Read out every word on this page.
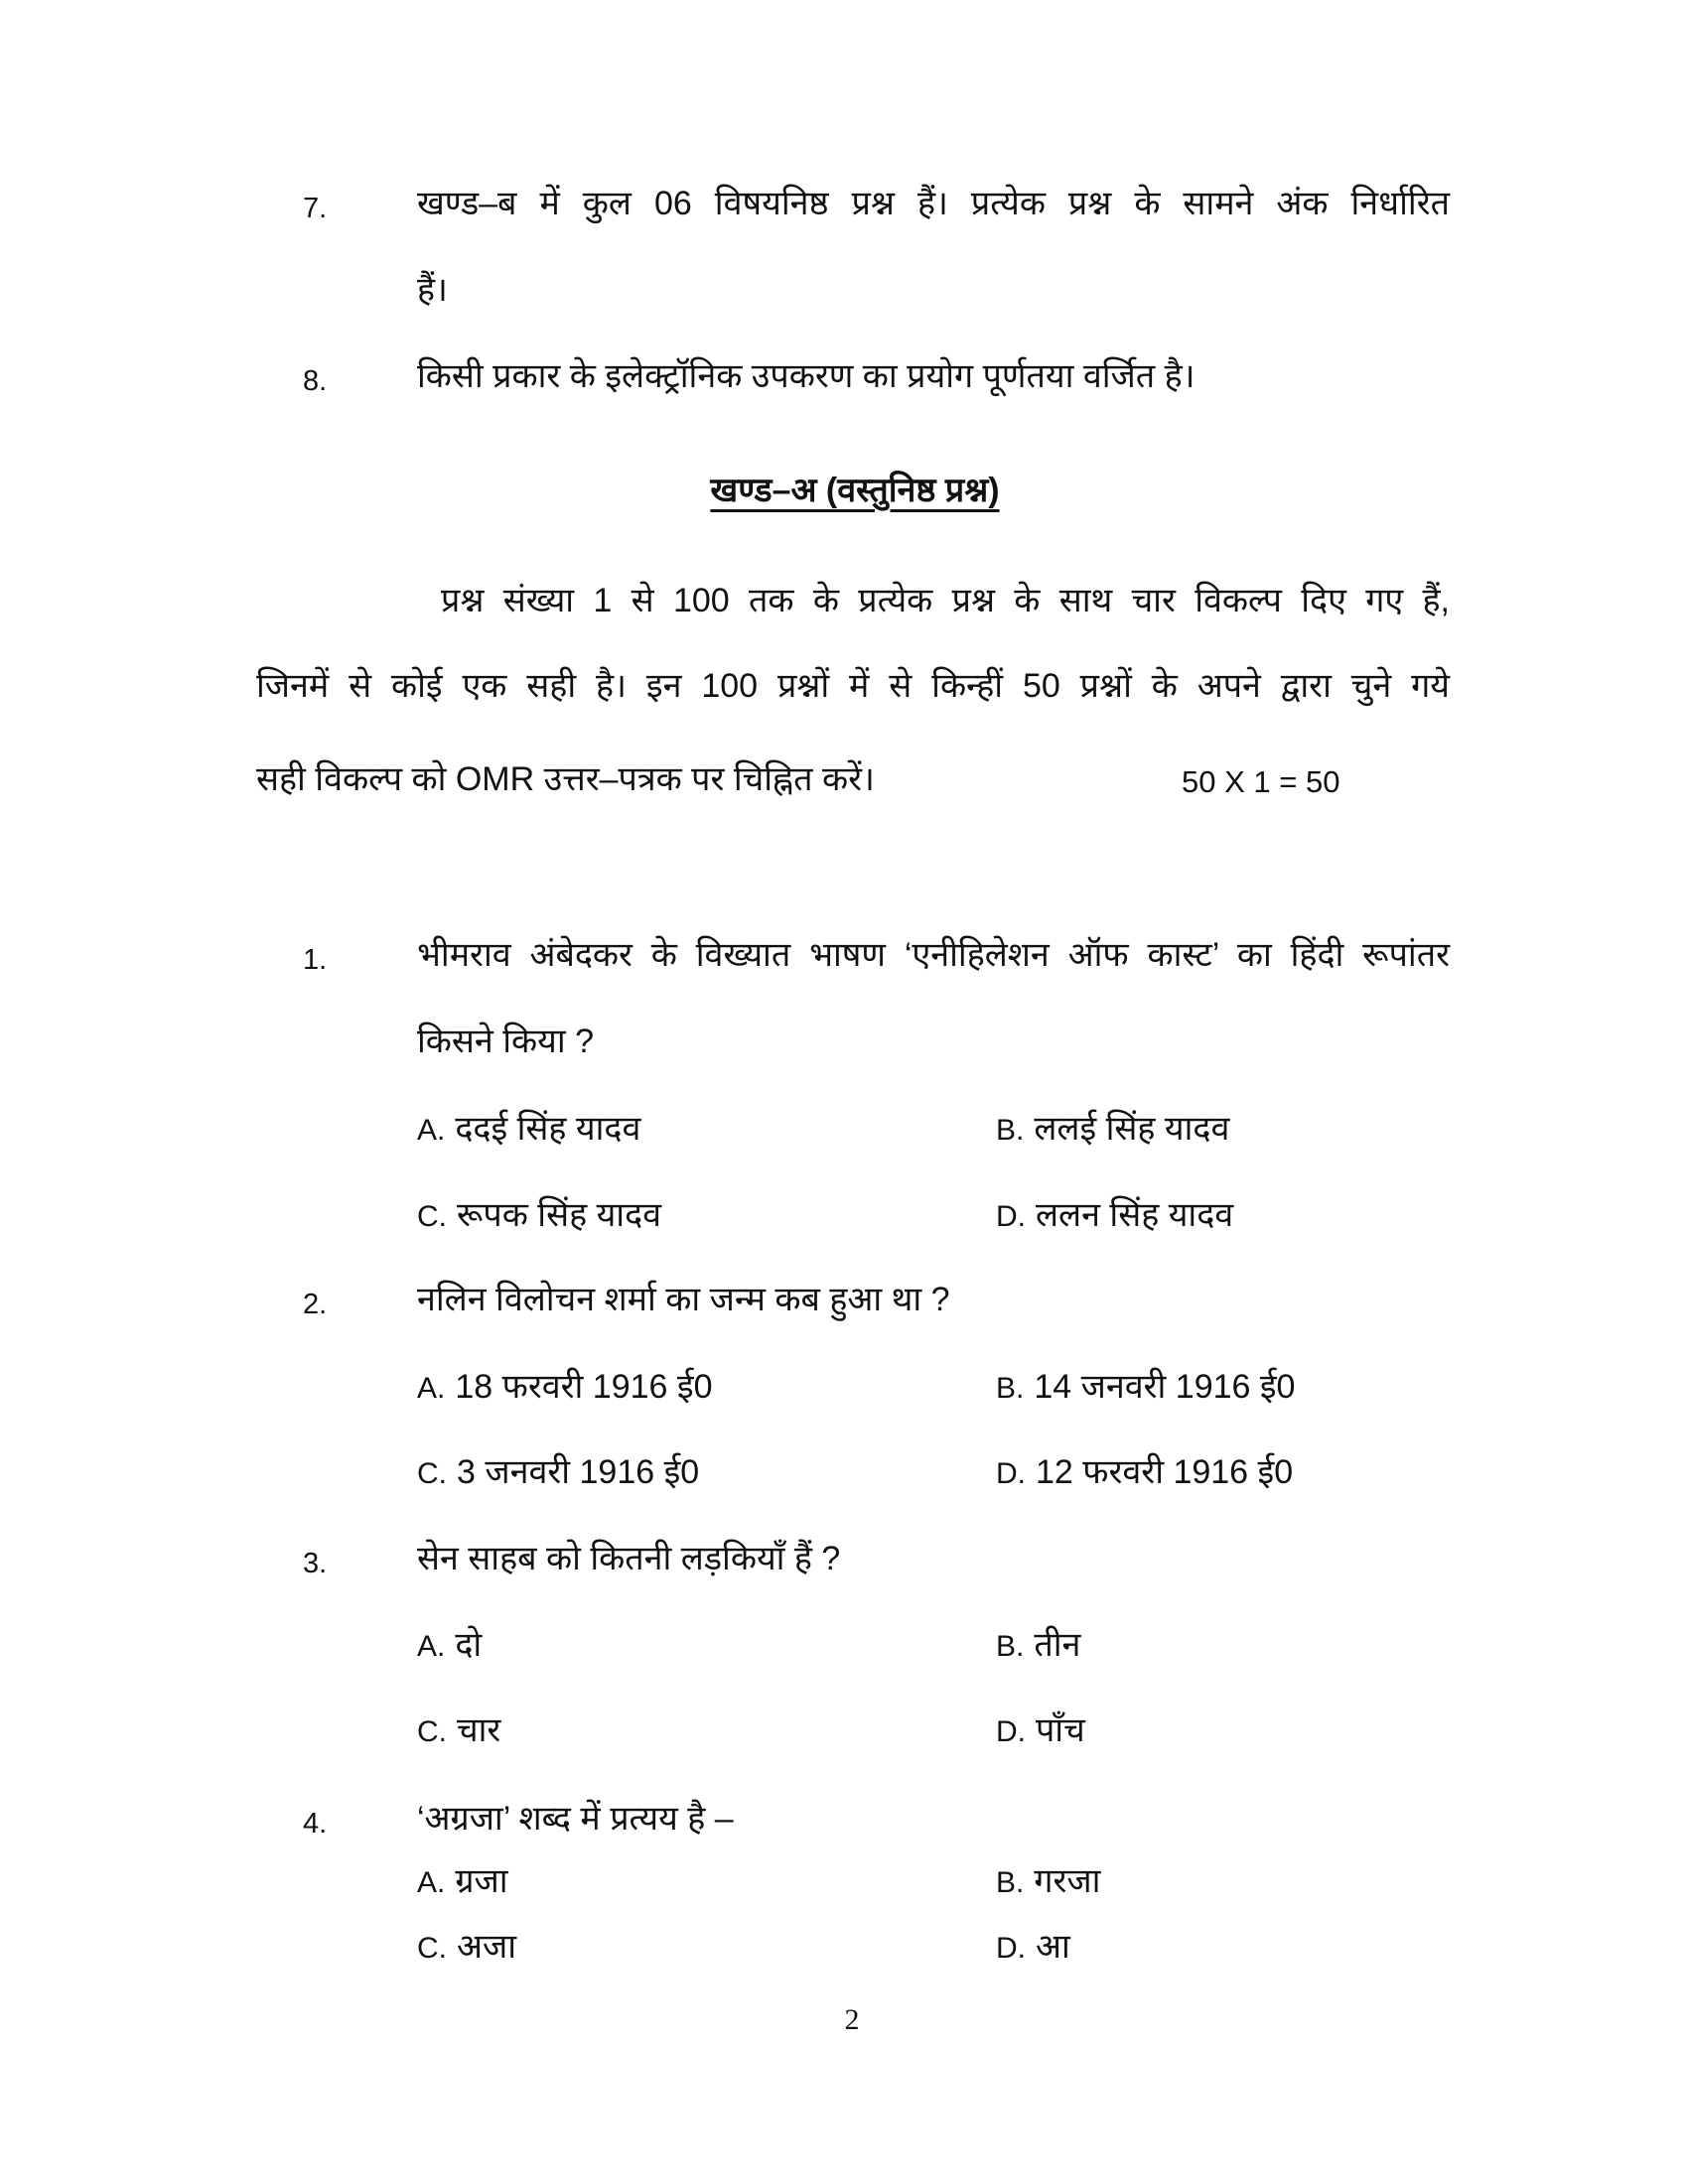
7.	खण्ड–ब में कुल 06 विषयनिष्ठ प्रश्न हैं। प्रत्येक प्रश्न के सामने अंक निर्धारित
हैं।
8.	किसी प्रकार के इलेक्ट्रॉनिक उपकरण का प्रयोग पूर्णतया वर्जित है।
खण्ड–अ (वस्तुनिष्ठ प्रश्न)
प्रश्न संख्या 1 से 100 तक के प्रत्येक प्रश्न के साथ चार विकल्प दिए गए हैं,
जिनमें से कोई एक सही है। इन 100 प्रश्नों में से किन्हीं 50 प्रश्नों के अपने द्वारा चुने गये
सही विकल्प को OMR उत्तर–पत्रक पर चिह्नित करें।	50 X 1 = 50
1.	भीमराव अंबेदकर के विख्यात भाषण ‘एनीहिलेशन ऑफ कास्ट’ का हिंदी रूपांतर
किसने किया ?
A. ददई सिंह यादव	B. ललई सिंह यादव
C. रूपक सिंह यादव	D. ललन सिंह यादव
2.	नलिन विलोचन शर्मा का जन्म कब हुआ था ?
A. 18 फरवरी 1916 ई0	B. 14 जनवरी 1916 ई0
C. 3 जनवरी 1916 ई0	D. 12 फरवरी 1916 ई0
3.	सेन साहब को कितनी लड़कियाँ हैं ?
A. दो	B. तीन
C. चार	D. पाँच
4.	‘अग्रजा’ शब्द में प्रत्यय है –
A. ग्रजा	B. गरजा
C. अजा	D. आ
2
